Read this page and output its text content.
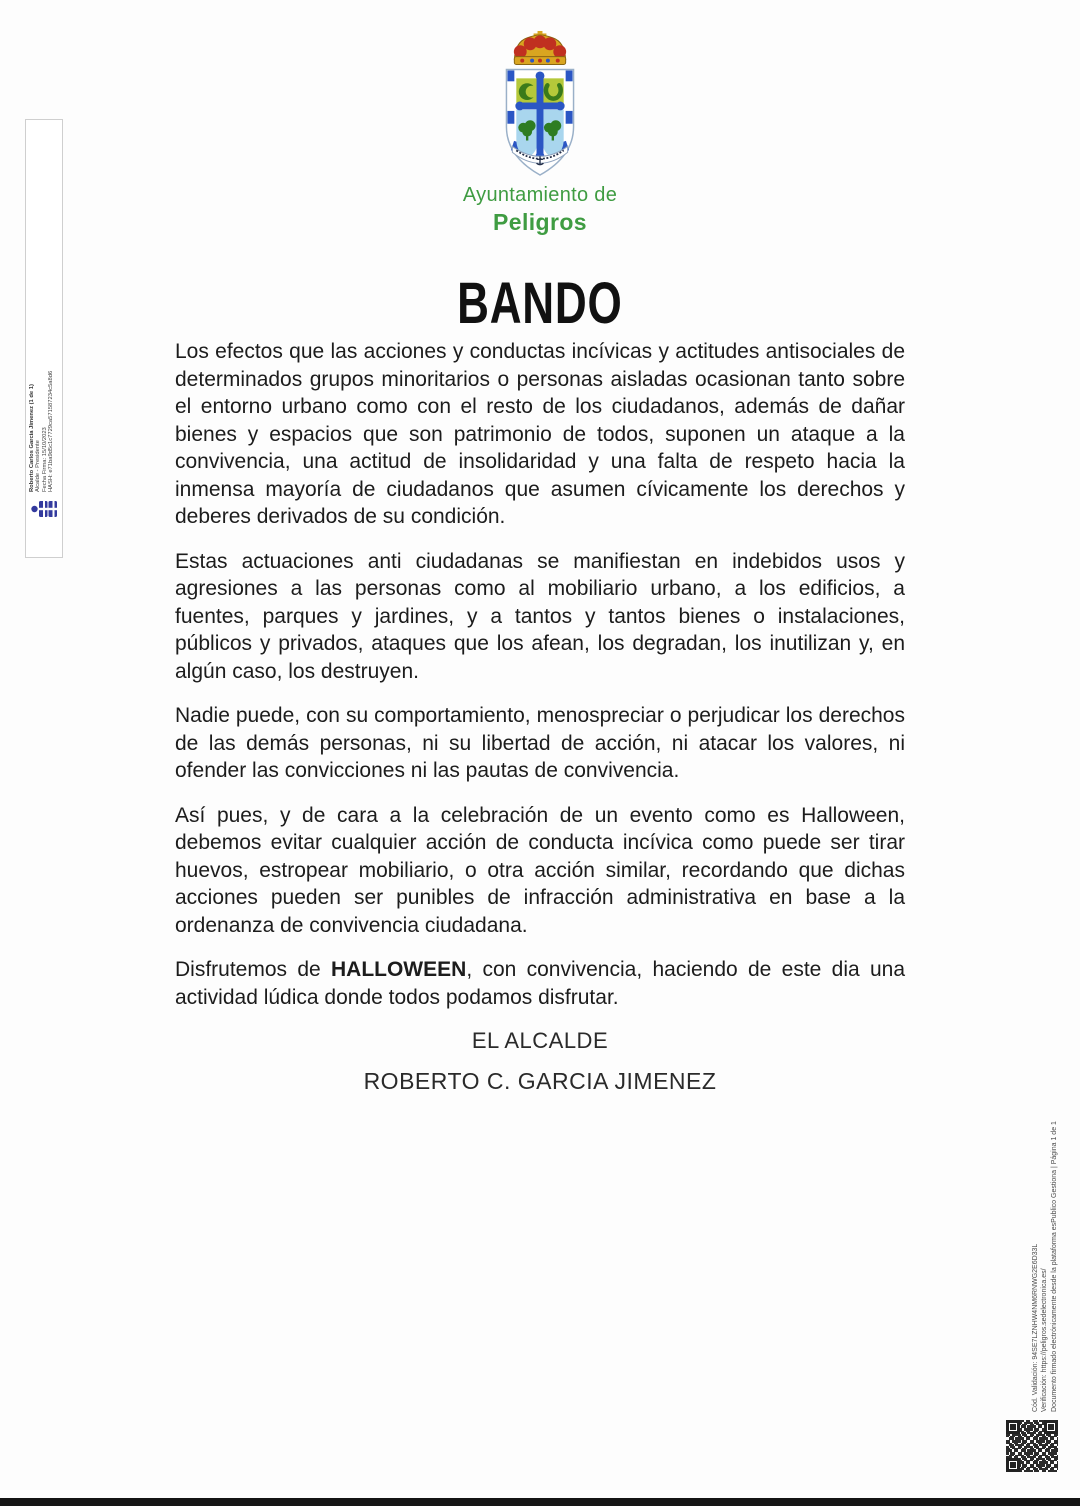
Ayuntamiento de
Peligros
BANDO

Los efectos que las acciones y conductas incívicas y actitudes antisociales de determinados grupos minoritarios o personas aisladas ocasionan tanto sobre el entorno urbano como con el resto de los ciudadanos, además de dañar bienes y espacios que son patrimonio de todos, suponen un ataque a la convivencia, una actitud de insolidaridad y una falta de respeto hacia la inmensa mayoría de ciudadanos que asumen cívicamente los derechos y deberes derivados de su condición.

Estas actuaciones anti ciudadanas se manifiestan en indebidos usos y agresiones a las personas como al mobiliario urbano, a los edificios, a fuentes, parques y jardines, y a tantos y tantos bienes o instalaciones, públicos y privados, ataques que los afean, los degradan, los inutilizan y, en algún caso, los destruyen.

Nadie puede, con su comportamiento, menospreciar o perjudicar los derechos de las demás personas, ni su libertad de acción, ni atacar los valores, ni ofender las convicciones ni las pautas de convivencia.

Así pues, y de cara a la celebración de un evento como es Halloween, debemos evitar cualquier acción de conducta incívica como puede ser tirar huevos, estropear mobiliario, o otra acción similar, recordando que dichas acciones pueden ser punibles de infracción administrativa en base a la ordenanza de convivencia ciudadana.

Disfrutemos de HALLOWEEN, con convivencia, haciendo de este dia una actividad lúdica donde todos podamos disfrutar.

EL ALCALDE
ROBERTO C. GARCIA JIMENEZ
Roberto Carlos Garcia Jimenez (1 de 1) Alcalde - Presidente Fecha Firma: 15/10/2023 HASH: e71ba9d5c1c7729ca571587234c5a8d6
Cód. Validación: 94SE7LZNHW4NM6RNWG2E6D33L Verificación: https://peligros.sedelectronica.es/ Documento firmado electrónicamente desde la plataforma esPublico Gestiona | Página 1 de 1
